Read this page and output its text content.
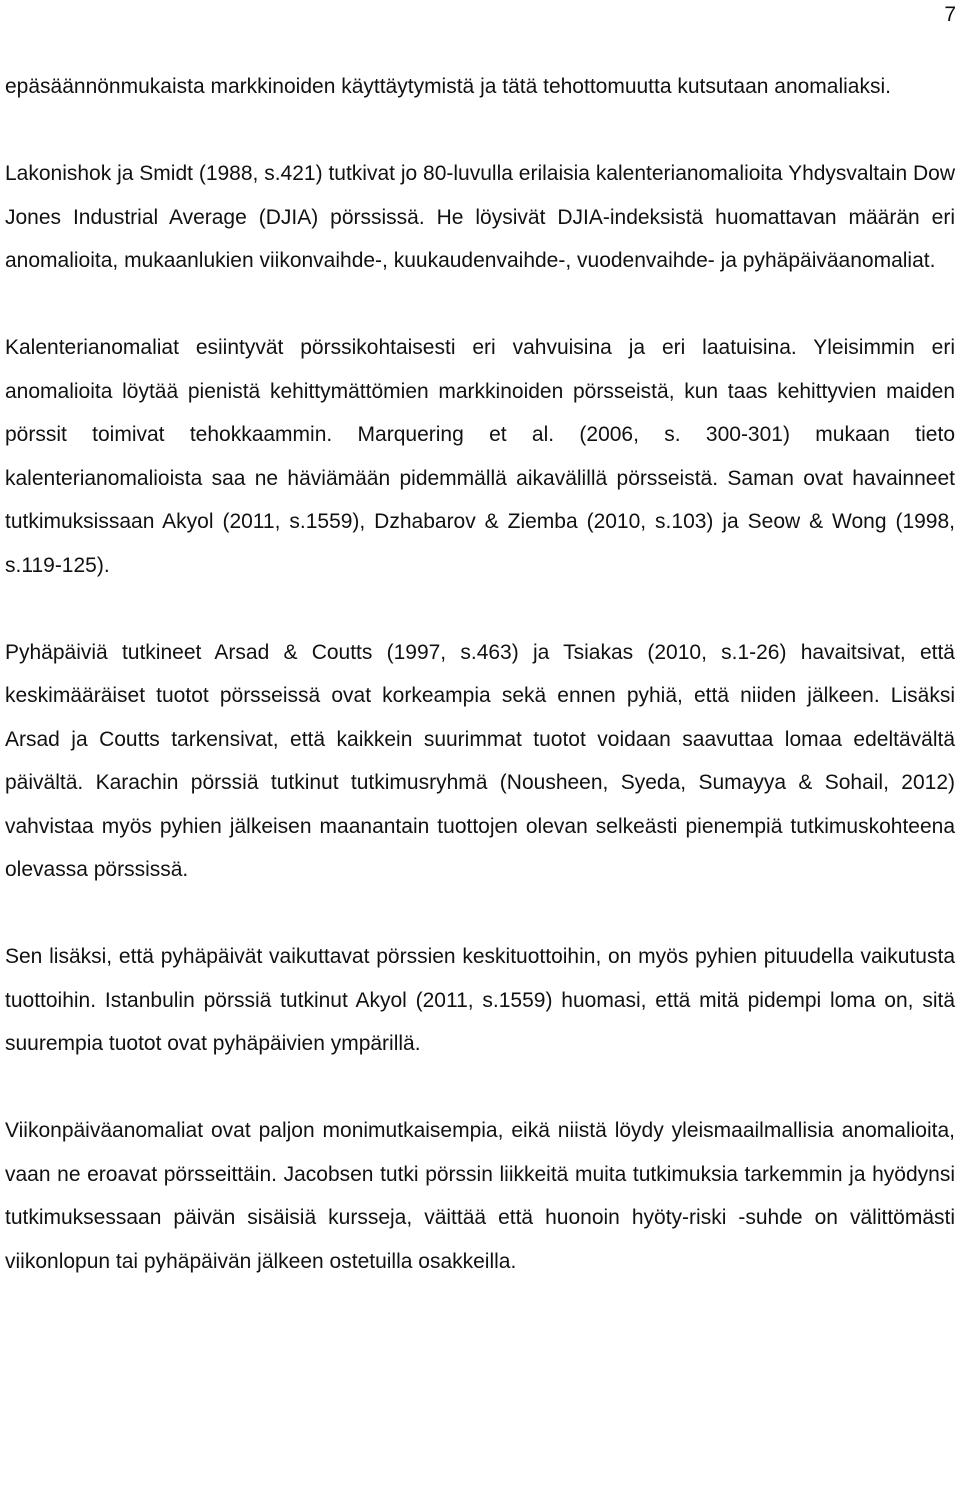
7

epäsäännönmukaista markkinoiden käyttäytymistä ja tätä tehottomuutta kutsutaan anomaliaksi.

Lakonishok ja Smidt (1988, s.421) tutkivat jo 80-luvulla erilaisia kalenterianomalioita Yhdysvaltain Dow Jones Industrial Average (DJIA) pörssissä. He löysivät DJIA-indeksistä huomattavan määrän eri anomalioita, mukaanlukien viikonvaihde-, kuukaudenvaihde-, vuodenvaihde- ja pyhäpäiväanomaliat.

Kalenterianomaliat esiintyvät pörssikohtaisesti eri vahvuisina ja eri laatuisina. Yleisimmin eri anomalioita löytää pienistä kehittymättömien markkinoiden pörsseistä, kun taas kehittyvien maiden pörssit toimivat tehokkaammin. Marquering et al. (2006, s. 300-301) mukaan tieto kalenterianomalioista saa ne häviämään pidemmällä aikavälillä pörsseistä. Saman ovat havainneet tutkimuksissaan Akyol (2011, s.1559), Dzhabarov & Ziemba (2010, s.103) ja Seow & Wong (1998, s.119-125).

Pyhäpäiviä tutkineet Arsad & Coutts (1997, s.463) ja Tsiakas (2010, s.1-26) havaitsivat, että keskimääräiset tuotot pörsseissä ovat korkeampia sekä ennen pyhiä, että niiden jälkeen. Lisäksi Arsad ja Coutts tarkensivat, että kaikkein suurimmat tuotot voidaan saavuttaa lomaa edeltävältä päivältä. Karachin pörssiä tutkinut tutkimusryhmä (Nousheen, Syeda, Sumayya & Sohail, 2012) vahvistaa myös pyhien jälkeisen maanantain tuottojen olevan selkeästi pienempiä tutkimuskohteena olevassa pörssissä.

Sen lisäksi, että pyhäpäivät vaikuttavat pörssien keskituottoihin, on myös pyhien pituudella vaikutusta tuottoihin. Istanbulin pörssiä tutkinut Akyol (2011, s.1559) huomasi, että mitä pidempi loma on, sitä suurempia tuotot ovat pyhäpäivien ympärillä.

Viikonpäiväanomaliat ovat paljon monimutkaisempia, eikä niistä löydy yleismaailmallisia anomalioita, vaan ne eroavat pörsseittäin. Jacobsen tutki pörssin liikkeitä muita tutkimuksia tarkemmin ja hyödynsi tutkimuksessaan päivän sisäisiä kursseja, väittää että huonoin hyöty-riski -suhde on välittömästi viikonlopun tai pyhäpäivän jälkeen ostetuilla osakkeilla.
